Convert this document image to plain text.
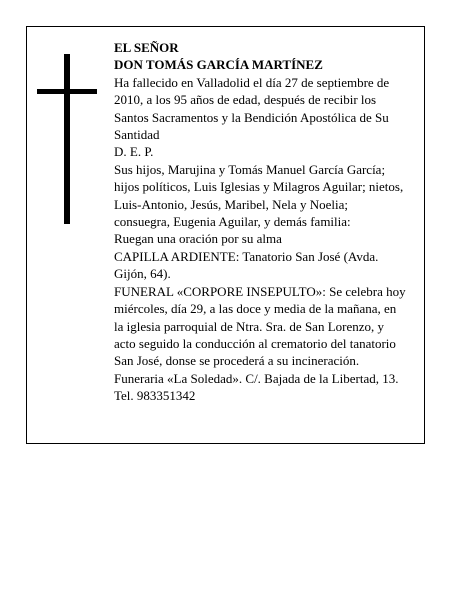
EL SEÑOR
DON TOMÁS GARCÍA MARTÍNEZ
Ha fallecido en Valladolid el día 27 de septiembre de
2010, a los 95 años de edad, después de recibir los
Santos Sacramentos y la Bendición Apostólica de Su
Santidad
D. E. P.
Sus hijos, Marujina y Tomás Manuel García García;
hijos políticos, Luis Iglesias y Milagros Aguilar; nietos,
Luis-Antonio, Jesús, Maribel, Nela y Noelia;
consuegra, Eugenia Aguilar, y demás familia:
Ruegan una oración por su alma
CAPILLA ARDIENTE: Tanatorio San José (Avda.
Gijón, 64).
FUNERAL «CORPORE INSEPULTO»: Se celebra hoy
miércoles, día 29, a las doce y media de la mañana, en
la iglesia parroquial de Ntra. Sra. de San Lorenzo, y
acto seguido la conducción al crematorio del tanatorio
San José, donse se procederá a su incineración.
Funeraria «La Soledad». C/. Bajada de la Libertad, 13.
Tel. 983351342
